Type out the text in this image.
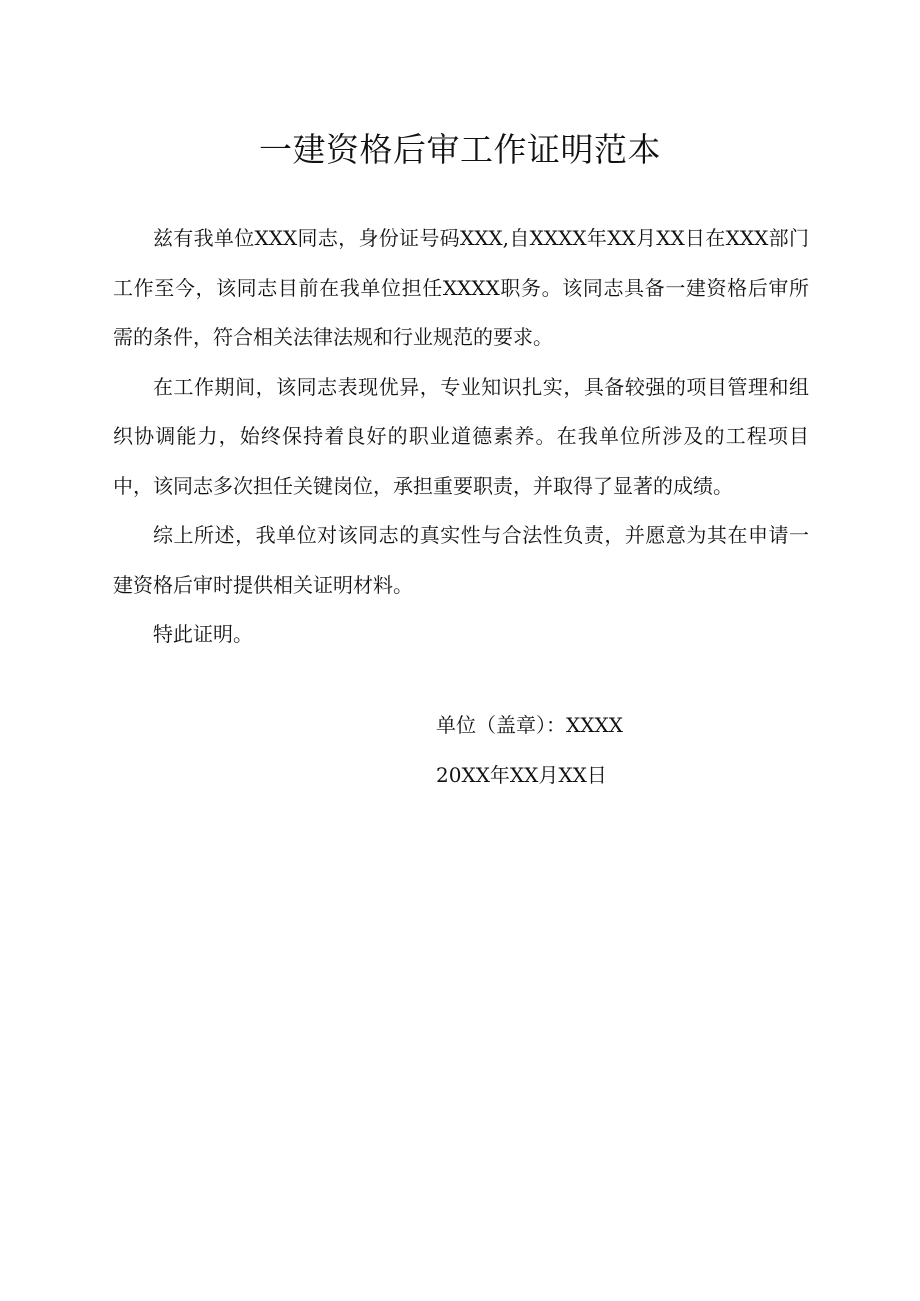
一建资格后审工作证明范本

兹有我单位XXX同志，身份证号码XXX,自XXXX年XX月XX日在XXX部门工作至今，该同志目前在我单位担任XXXX职务。该同志具备一建资格后审所需的条件，符合相关法律法规和行业规范的要求。

在工作期间，该同志表现优异，专业知识扎实，具备较强的项目管理和组织协调能力，始终保持着良好的职业道德素养。在我单位所涉及的工程项目中，该同志多次担任关键岗位，承担重要职责，并取得了显著的成绩。

综上所述，我单位对该同志的真实性与合法性负责，并愿意为其在申请一建资格后审时提供相关证明材料。

特此证明。

单位（盖章）：XXXX
20XX年XX月XX日
